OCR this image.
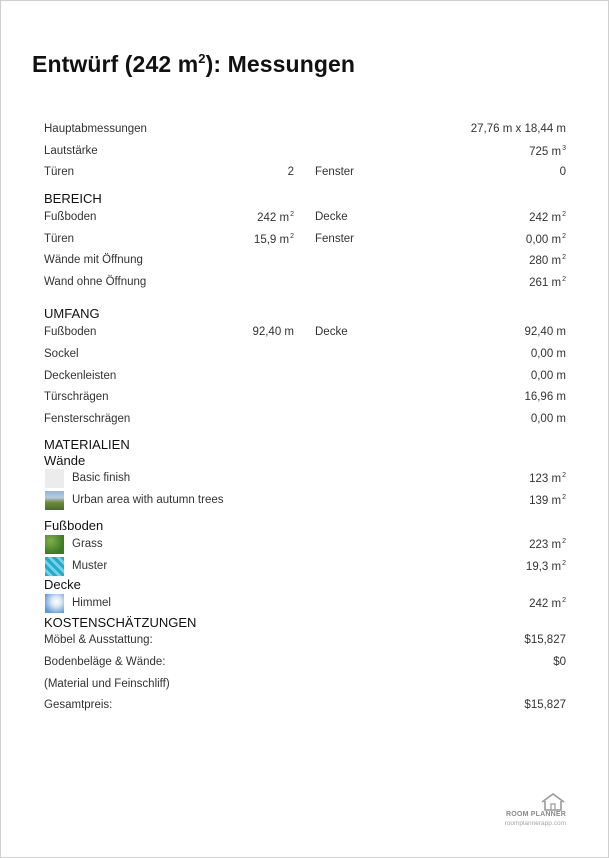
Entwürf (242 $m^2$): Messungen
Hauptabmessungen	27,76 m x 18,44 m
Lautstärke	725 $m^3$
Türen	2 Fenster	0
BEREICH
Fußboden	242 $m^2$ Decke	242 $m^2$
Türen	15,9 $m^2$ Fenster	0,00 $m^2$
Wände mit Öffnung	280 $m^2$
Wand ohne Öffnung	261 $m^2$
UMFANG
Fußboden	92,40 m Decke	92,40 m
Sockel	0,00 m
Deckenleisten	0,00 m
Türschrägen	16,96 m
Fensterschrägen	0,00 m
MATERIALIEN
Wände
Basic finish	123 $m^2$
Urban area with autumn trees	139 $m^2$
Fußboden
Grass	223 $m^2$
Muster	19,3 $m^2$
Decke
Himmel	242 $m^2$
KOSTENSCHÄTZUNGEN
Möbel & Ausstattung:	$15,827
Bodenbeläge & Wände:	$0
(Material und Feinschliff)
Gesamtpreis:	$15,827
ROOM PLANNER
roomplannerapp.com
